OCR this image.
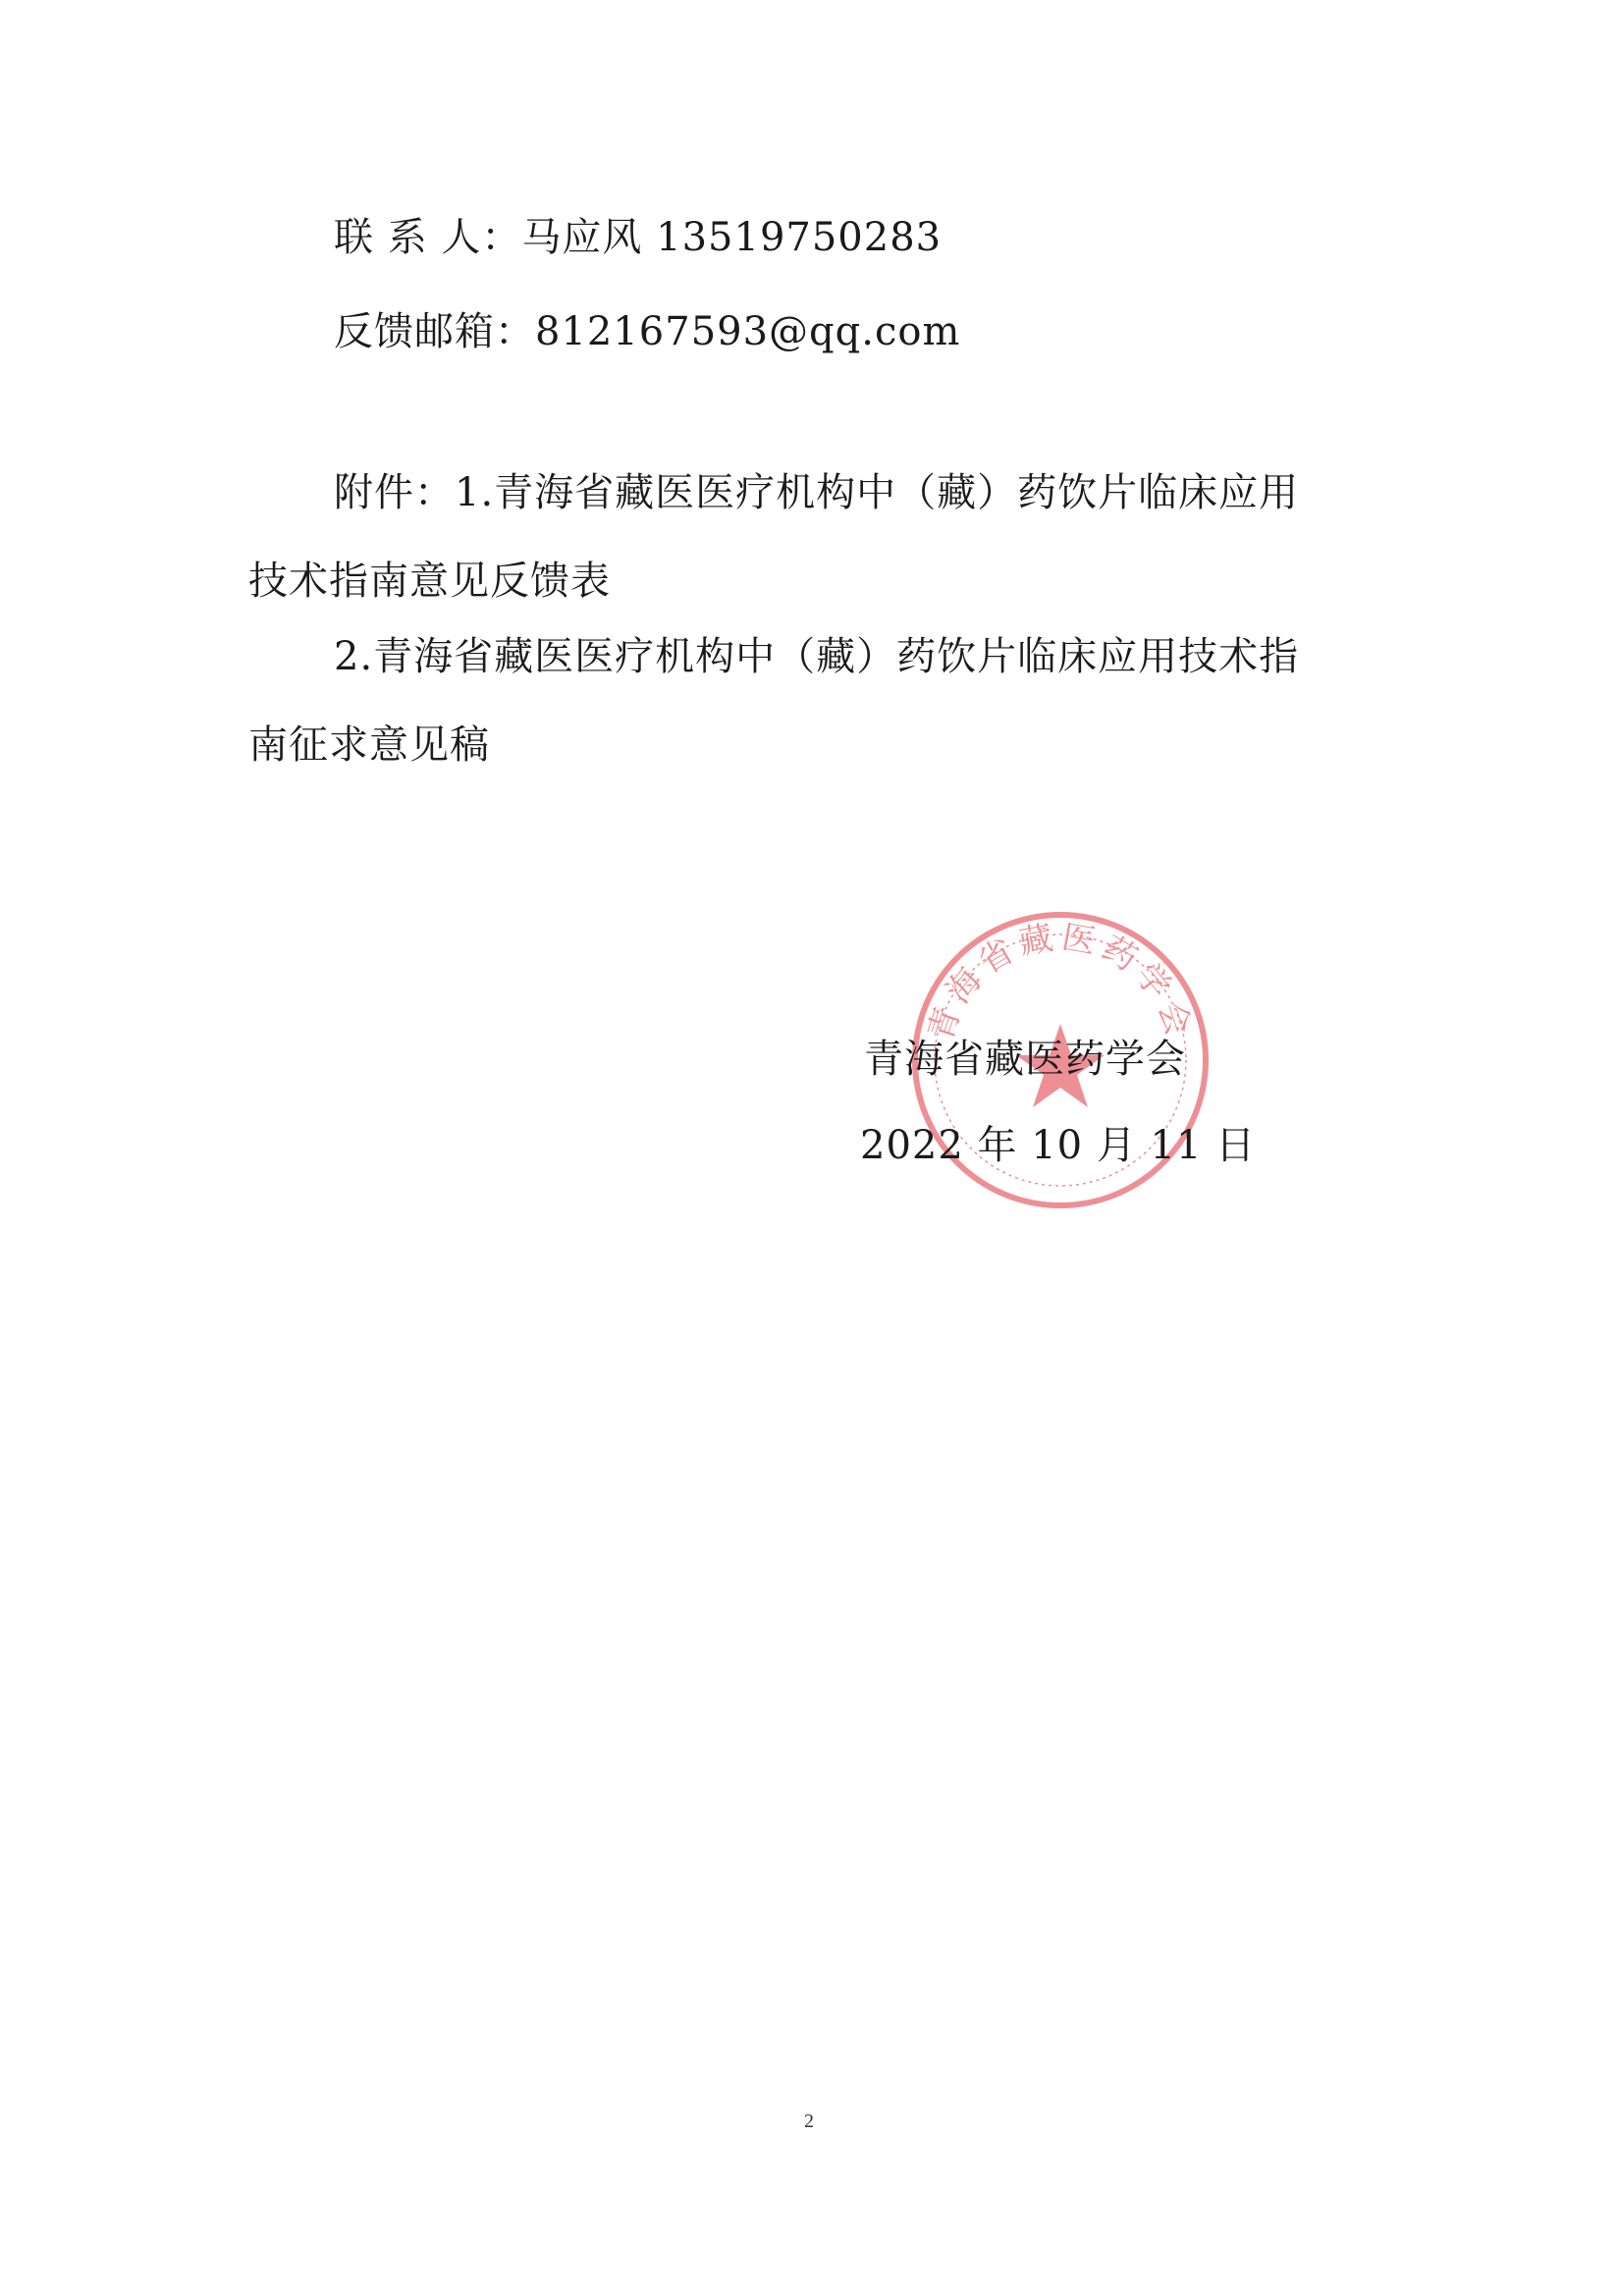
联 系 人：马应风 13519750283
反馈邮箱：812167593@qq.com
附件：1.青海省藏医医疗机构中（藏）药饮片临床应用
技术指南意见反馈表
2.青海省藏医医疗机构中（藏）药饮片临床应用技术指
南征求意见稿
青海省藏医药学会
青海省藏医药学会
2022 年 10 月 11 日
2
